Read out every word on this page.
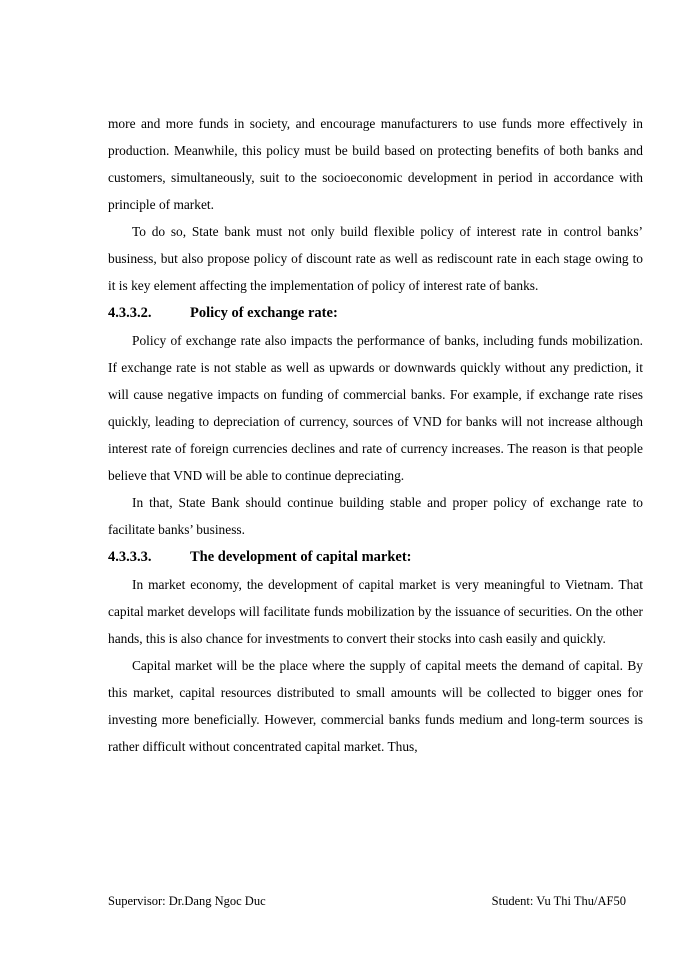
more and more funds in society, and encourage manufacturers to use funds more effectively in production. Meanwhile, this policy must be build based on protecting benefits of both banks and customers, simultaneously, suit to the socioeconomic development in period in accordance with principle of market.

To do so, State bank must not only build flexible policy of interest rate in control banks’ business, but also propose policy of discount rate as well as rediscount rate in each stage owing to it is key element affecting the implementation of policy of interest rate of banks.

4.3.3.2.	Policy of exchange rate:

Policy of exchange rate also impacts the performance of banks, including funds mobilization. If exchange rate is not stable as well as upwards or downwards quickly without any prediction, it will cause negative impacts on funding of commercial banks. For example, if exchange rate rises quickly, leading to depreciation of currency, sources of VND for banks will not increase although interest rate of foreign currencies declines and rate of currency increases. The reason is that people believe that VND will be able to continue depreciating.

In that, State Bank should continue building stable and proper policy of exchange rate to facilitate banks’ business.

4.3.3.3.	The development of capital market:

In market economy, the development of capital market is very meaningful to Vietnam. That capital market develops will facilitate funds mobilization by the issuance of securities. On the other hands, this is also chance for investments to convert their stocks into cash easily and quickly.

Capital market will be the place where the supply of capital meets the demand of capital. By this market, capital resources distributed to small amounts will be collected to bigger ones for investing more beneficially. However, commercial banks funds medium and long-term sources is rather difficult without concentrated capital market. Thus,

Supervisor: Dr.Dang Ngoc Duc	Student: Vu Thi Thu/AF50
